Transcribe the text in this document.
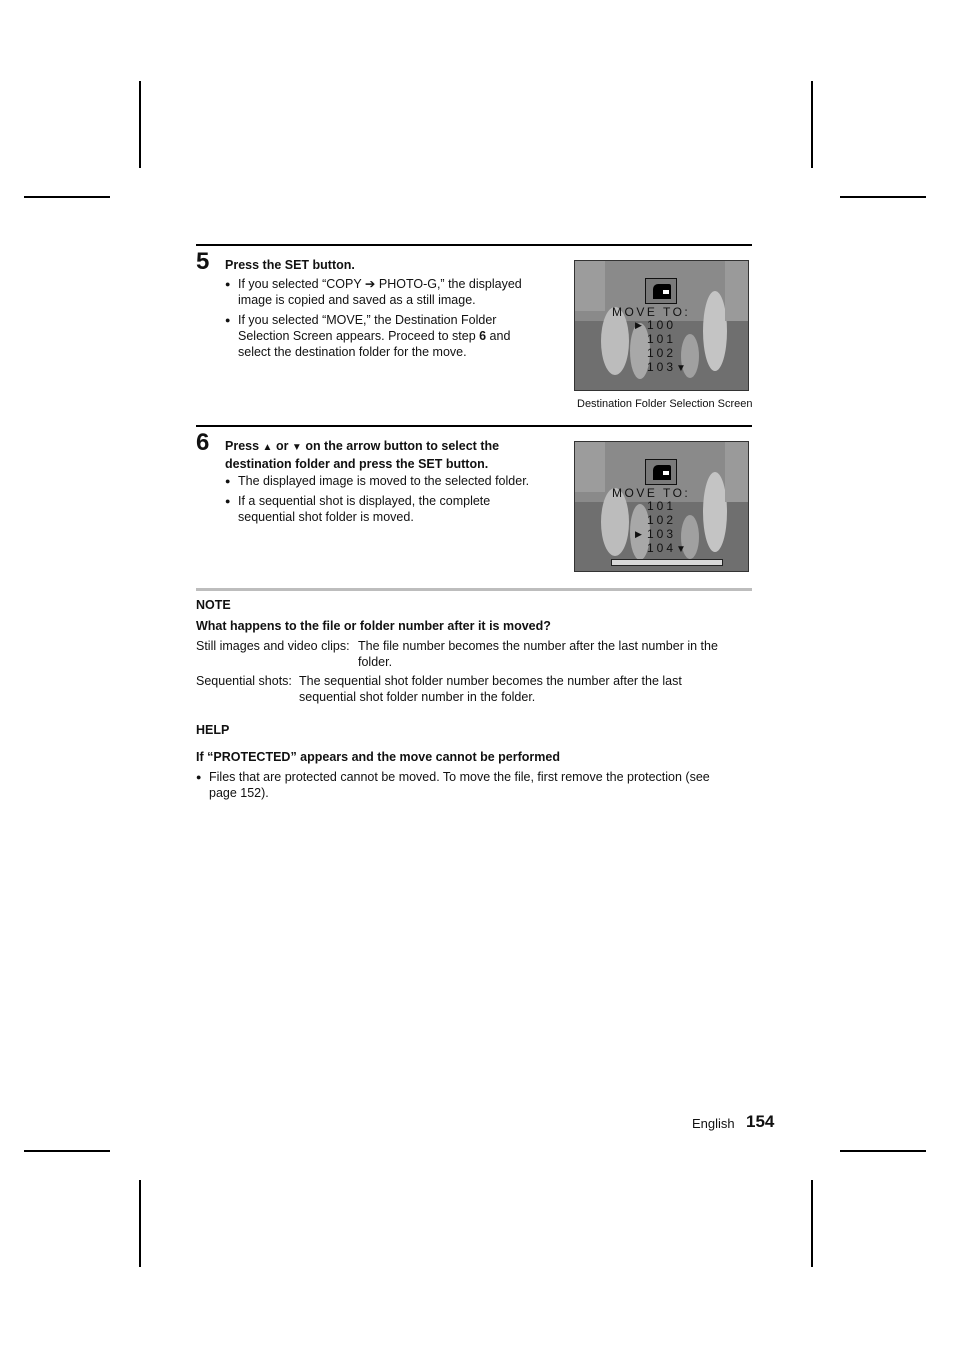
5 Press the SET button.
● If you selected “COPY ➔ PHOTO-G,” the displayed image is copied and saved as a still image.
● If you selected “MOVE,” the Destination Folder Selection Screen appears. Proceed to step 6 and select the destination folder for the move.
MOVE TO:
▶ 100
101
102
103▼
Destination Folder Selection Screen
6 Press ▲ or ▼ on the arrow button to select the destination folder and press the SET button.
● The displayed image is moved to the selected folder.
● If a sequential shot is displayed, the complete sequential shot folder is moved.
MOVE TO:
101
102
▶ 103
104▼
NOTE
What happens to the file or folder number after it is moved?
Still images and video clips: The file number becomes the number after the last number in the folder.
Sequential shots: The sequential shot folder number becomes the number after the last sequential shot folder number in the folder.
HELP
If “PROTECTED” appears and the move cannot be performed
● Files that are protected cannot be moved. To move the file, first remove the protection (see page 152).
English 154
